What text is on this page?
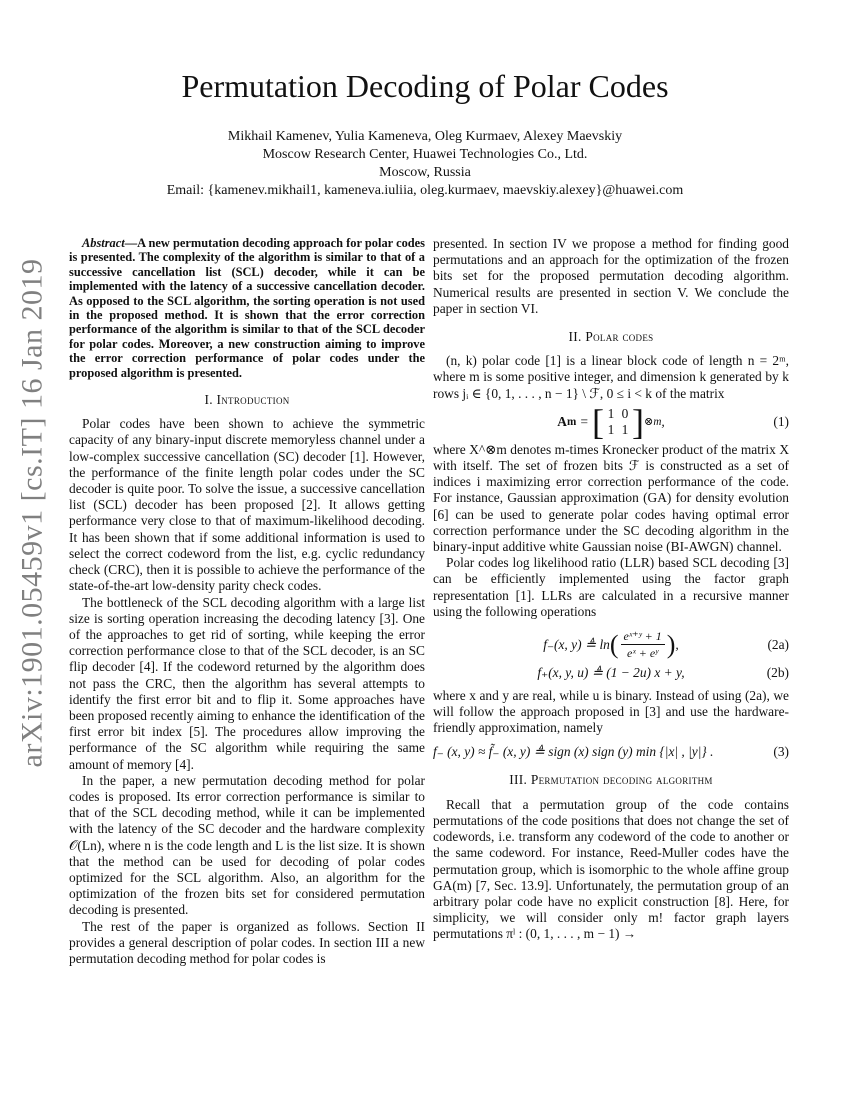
arXiv:1901.05459v1 [cs.IT] 16 Jan 2019
Permutation Decoding of Polar Codes
Mikhail Kamenev, Yulia Kameneva, Oleg Kurmaev, Alexey Maevskiy
Moscow Research Center, Huawei Technologies Co., Ltd.
Moscow, Russia
Email: {kamenev.mikhail1, kameneva.iuliia, oleg.kurmaev, maevskiy.alexey}@huawei.com

Abstract—A new permutation decoding approach for polar codes is presented. The complexity of the algorithm is similar to that of a successive cancellation list (SCL) decoder, while it can be implemented with the latency of a successive cancellation decoder. As opposed to the SCL algorithm, the sorting operation is not used in the proposed method. It is shown that the error correction performance of the algorithm is similar to that of the SCL decoder for polar codes. Moreover, a new construction aiming to improve the error correction performance of polar codes under the proposed algorithm is presented.

I. Introduction

Polar codes have been shown to achieve the symmetric capacity of any binary-input discrete memoryless channel under a low-complex successive cancellation (SC) decoder [1]. However, the performance of the finite length polar codes under the SC decoder is quite poor. To solve the issue, a successive cancellation list (SCL) decoder has been proposed [2]. It allows getting performance very close to that of maximum-likelihood decoding. It has been shown that if some additional information is used to select the correct codeword from the list, e.g. cyclic redundancy check (CRC), then it is possible to achieve the performance of the state-of-the-art low-density parity check codes.

The bottleneck of the SCL decoding algorithm with a large list size is sorting operation increasing the decoding latency [3]. One of the approaches to get rid of sorting, while keeping the error correction performance close to that of the SCL decoder, is an SC flip decoder [4]. If the codeword returned by the algorithm does not pass the CRC, then the algorithm has several attempts to identify the first error bit and to flip it. Some approaches have been proposed recently aiming to enhance the identification of the first error bit index [5]. The procedures allow improving the performance of the SC algorithm while requiring the same amount of memory [4].

In the paper, a new permutation decoding method for polar codes is proposed. Its error correction performance is similar to that of the SCL decoding method, while it can be implemented with the latency of the SC decoder and the hardware complexity 𝒪(Ln), where n is the code length and L is the list size. It is shown that the method can be used for decoding of polar codes optimized for the SCL algorithm. Also, an algorithm for the optimization of the frozen bits set for considered permutation decoding is presented.

The rest of the paper is organized as follows. Section II provides a general description of polar codes. In section III a new permutation decoding method for polar codes is

presented. In section IV we propose a method for finding good permutations and an approach for the optimization of the frozen bits set for the proposed permutation decoding algorithm. Numerical results are presented in section V. We conclude the paper in section VI.

II. Polar codes

(n, k) polar code [1] is a linear block code of length n = 2ᵐ, where m is some positive integer, and dimension k generated by k rows jᵢ ∈ {0, 1, . . . , n − 1} \ ℱ, 0 ≤ i < k of the matrix

A m = [ 1 0
1 1 ] ⊗m ,	(1)

where X^⊗m denotes m-times Kronecker product of the matrix X with itself. The set of frozen bits ℱ is constructed as a set of indices i maximizing error correction performance of the code. For instance, Gaussian approximation (GA) for density evolution [6] can be used to generate polar codes having optimal error correction performance under the SC decoding algorithm in the binary-input additive white Gaussian noise (BI-AWGN) channel.

Polar codes log likelihood ratio (LLR) based SCL decoding [3] can be efficiently implemented using the factor graph representation [1]. LLRs are calculated in a recursive manner using the following operations

f₋(x, y) ≜ ln ( $\frac{\text{eˣ⁺ʸ + 1}}{\text{eˣ + eʸ}}$ ) ,	(2a)
f₊(x, y, u) ≜ (1 − 2u) x + y,	(2b)

where x and y are real, while u is binary. Instead of using (2a), we will follow the approach proposed in [3] and use the hardware-friendly approximation, namely

f₋ (x, y) ≈ f̃₋ (x, y) ≜ sign (x) sign (y) min {|x| , |y|} .	(3)
III. Permutation decoding algorithm

Recall that a permutation group of the code contains permutations of the code positions that does not change the set of codewords, i.e. transform any codeword of the code to another or the same codeword. For instance, Reed-Muller codes have the permutation group, which is isomorphic to the whole affine group GA(m) [7, Sec. 13.9]. Unfortunately, the permutation group of an arbitrary polar code have no explicit construction [8]. Here, for simplicity, we will consider only m! factor graph layers permutations πˡ : (0, 1, . . . , m − 1) →
